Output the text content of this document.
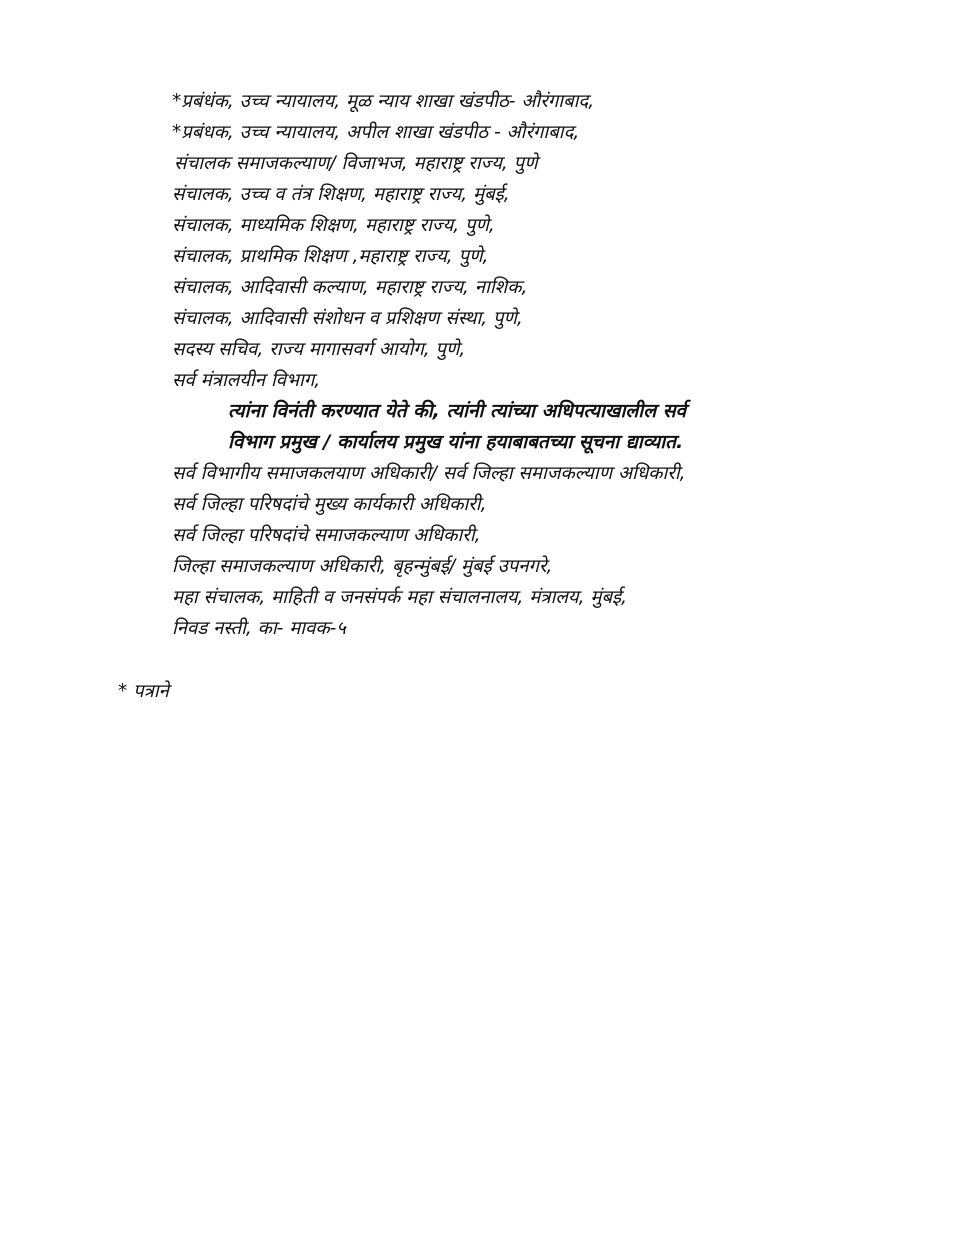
*प्रबंधंक, उच्च न्यायालय, मूळ न्याय शाखा खंडपीठ- औरंगाबाद,
*प्रबंधक, उच्च न्यायालय, अपील शाखा खंडपीठ - औरंगाबाद,
संचालक समाजकल्याण/ विजाभज, महाराष्ट्र राज्य, पुणे
संचालक, उच्च व तंत्र शिक्षण, महाराष्ट्र राज्य, मुंबई,
संचालक, माध्यमिक शिक्षण, महाराष्ट्र राज्य, पुणे,
संचालक, प्राथमिक शिक्षण ,महाराष्ट्र राज्य, पुणे,
संचालक, आदिवासी कल्याण, महाराष्ट्र राज्य, नाशिक,
संचालक, आदिवासी संशोधन व प्रशिक्षण संस्था, पुणे,
सदस्य सचिव, राज्य मागासवर्ग आयोग, पुणे,
सर्व मंत्रालयीन विभाग,
त्यांना विनंती करण्यात येते की, त्यांनी त्यांच्या अधिपत्याखालील सर्व
विभाग प्रमुख / कार्यालय प्रमुख यांना हयाबाबतच्या सूचना द्याव्यात.
सर्व विभागीय समाजकलयाण अधिकारी/ सर्व जिल्हा समाजकल्याण अधिकारी,
सर्व जिल्हा परिषदांचे मुख्य कार्यकारी अधिकारी,
सर्व जिल्हा परिषदांचे समाजकल्याण अधिकारी,
जिल्हा समाजकल्याण अधिकारी, बृहन्मुंबई/ मुंबई उपनगरे,
महा संचालक, माहिती व जनसंपर्क महा संचालनालय, मंत्रालय, मुंबई,
निवड नस्ती, का- मावक-५
* पत्राने
